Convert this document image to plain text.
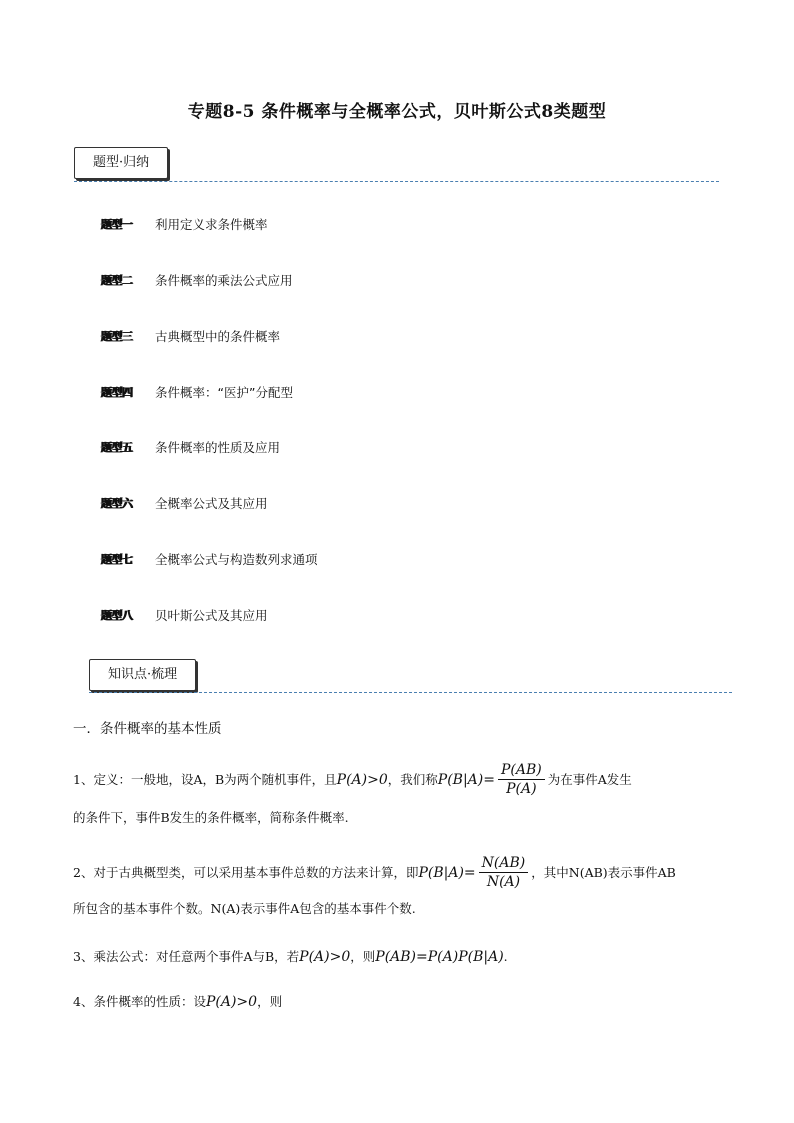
专题8-5 条件概率与全概率公式，贝叶斯公式8类题型
题型·归纳
题型一	利用定义求条件概率
题型二	条件概率的乘法公式应用
题型三	古典概型中的条件概率
题型四	条件概率：“医护”分配型
题型五	条件概率的性质及应用
题型六	全概率公式及其应用
题型七	全概率公式与构造数列求通项
题型八	贝叶斯公式及其应用
知识点·梳理
一．条件概率的基本性质
1、定义：一般地，设A，B为两个随机事件，且 P(A)>0 ，我们称 $P(B|A)= \frac{P(AB)}{P(A)}$ 为在事件A发生
的条件下，事件B发生的条件概率，简称条件概率.
2、对于古典概型类，可以采用基本事件总数的方法来计算，即 $P(B|A)= \frac{N(AB)}{N(A)}$ ，其中N(AB)表示事件AB
所包含的基本事件个数。N(A)表示事件A包含的基本事件个数.
3、乘法公式：对任意两个事件A与B，若P(A)>0，则P(AB)=P(A)P(B|A).
4、条件概率的性质：设P(A)>0，则
